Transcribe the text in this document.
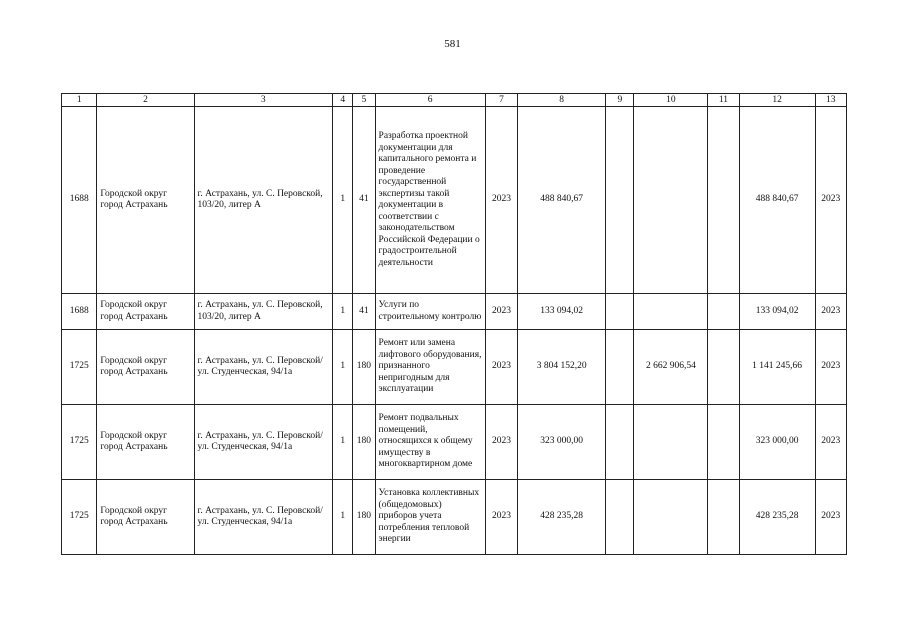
581
1	2	3	4	5	6	7	8	9	10	11	12	13
1688	Городской округ город Астрахань	г. Астрахань, ул. С. Перовской, 103/20, литер А	1	41	Разработка проектной документации для капитального ремонта и проведение государственной экспертизы такой документации в соответствии с законодательством Российской Федерации о градостроительной деятельности	2023	488 840,67				488 840,67	2023
1688	Городской округ город Астрахань	г. Астрахань, ул. С. Перовской, 103/20, литер А	1	41	Услуги по строительному контролю	2023	133 094,02				133 094,02	2023
1725	Городской округ город Астрахань	г. Астрахань, ул. С. Перовской/ ул. Студенческая, 94/1а	1	180	Ремонт или замена лифтового оборудования, признанного непригодным для эксплуатации	2023	3 804 152,20		2 662 906,54		1 141 245,66	2023
1725	Городской округ город Астрахань	г. Астрахань, ул. С. Перовской/ ул. Студенческая, 94/1а	1	180	Ремонт подвальных помещений, относящихся к общему имуществу в многоквартирном доме	2023	323 000,00				323 000,00	2023
1725	Городской округ город Астрахань	г. Астрахань, ул. С. Перовской/ ул. Студенческая, 94/1а	1	180	Установка коллективных (общедомовых) приборов учета потребления тепловой энергии	2023	428 235,28				428 235,28	2023
